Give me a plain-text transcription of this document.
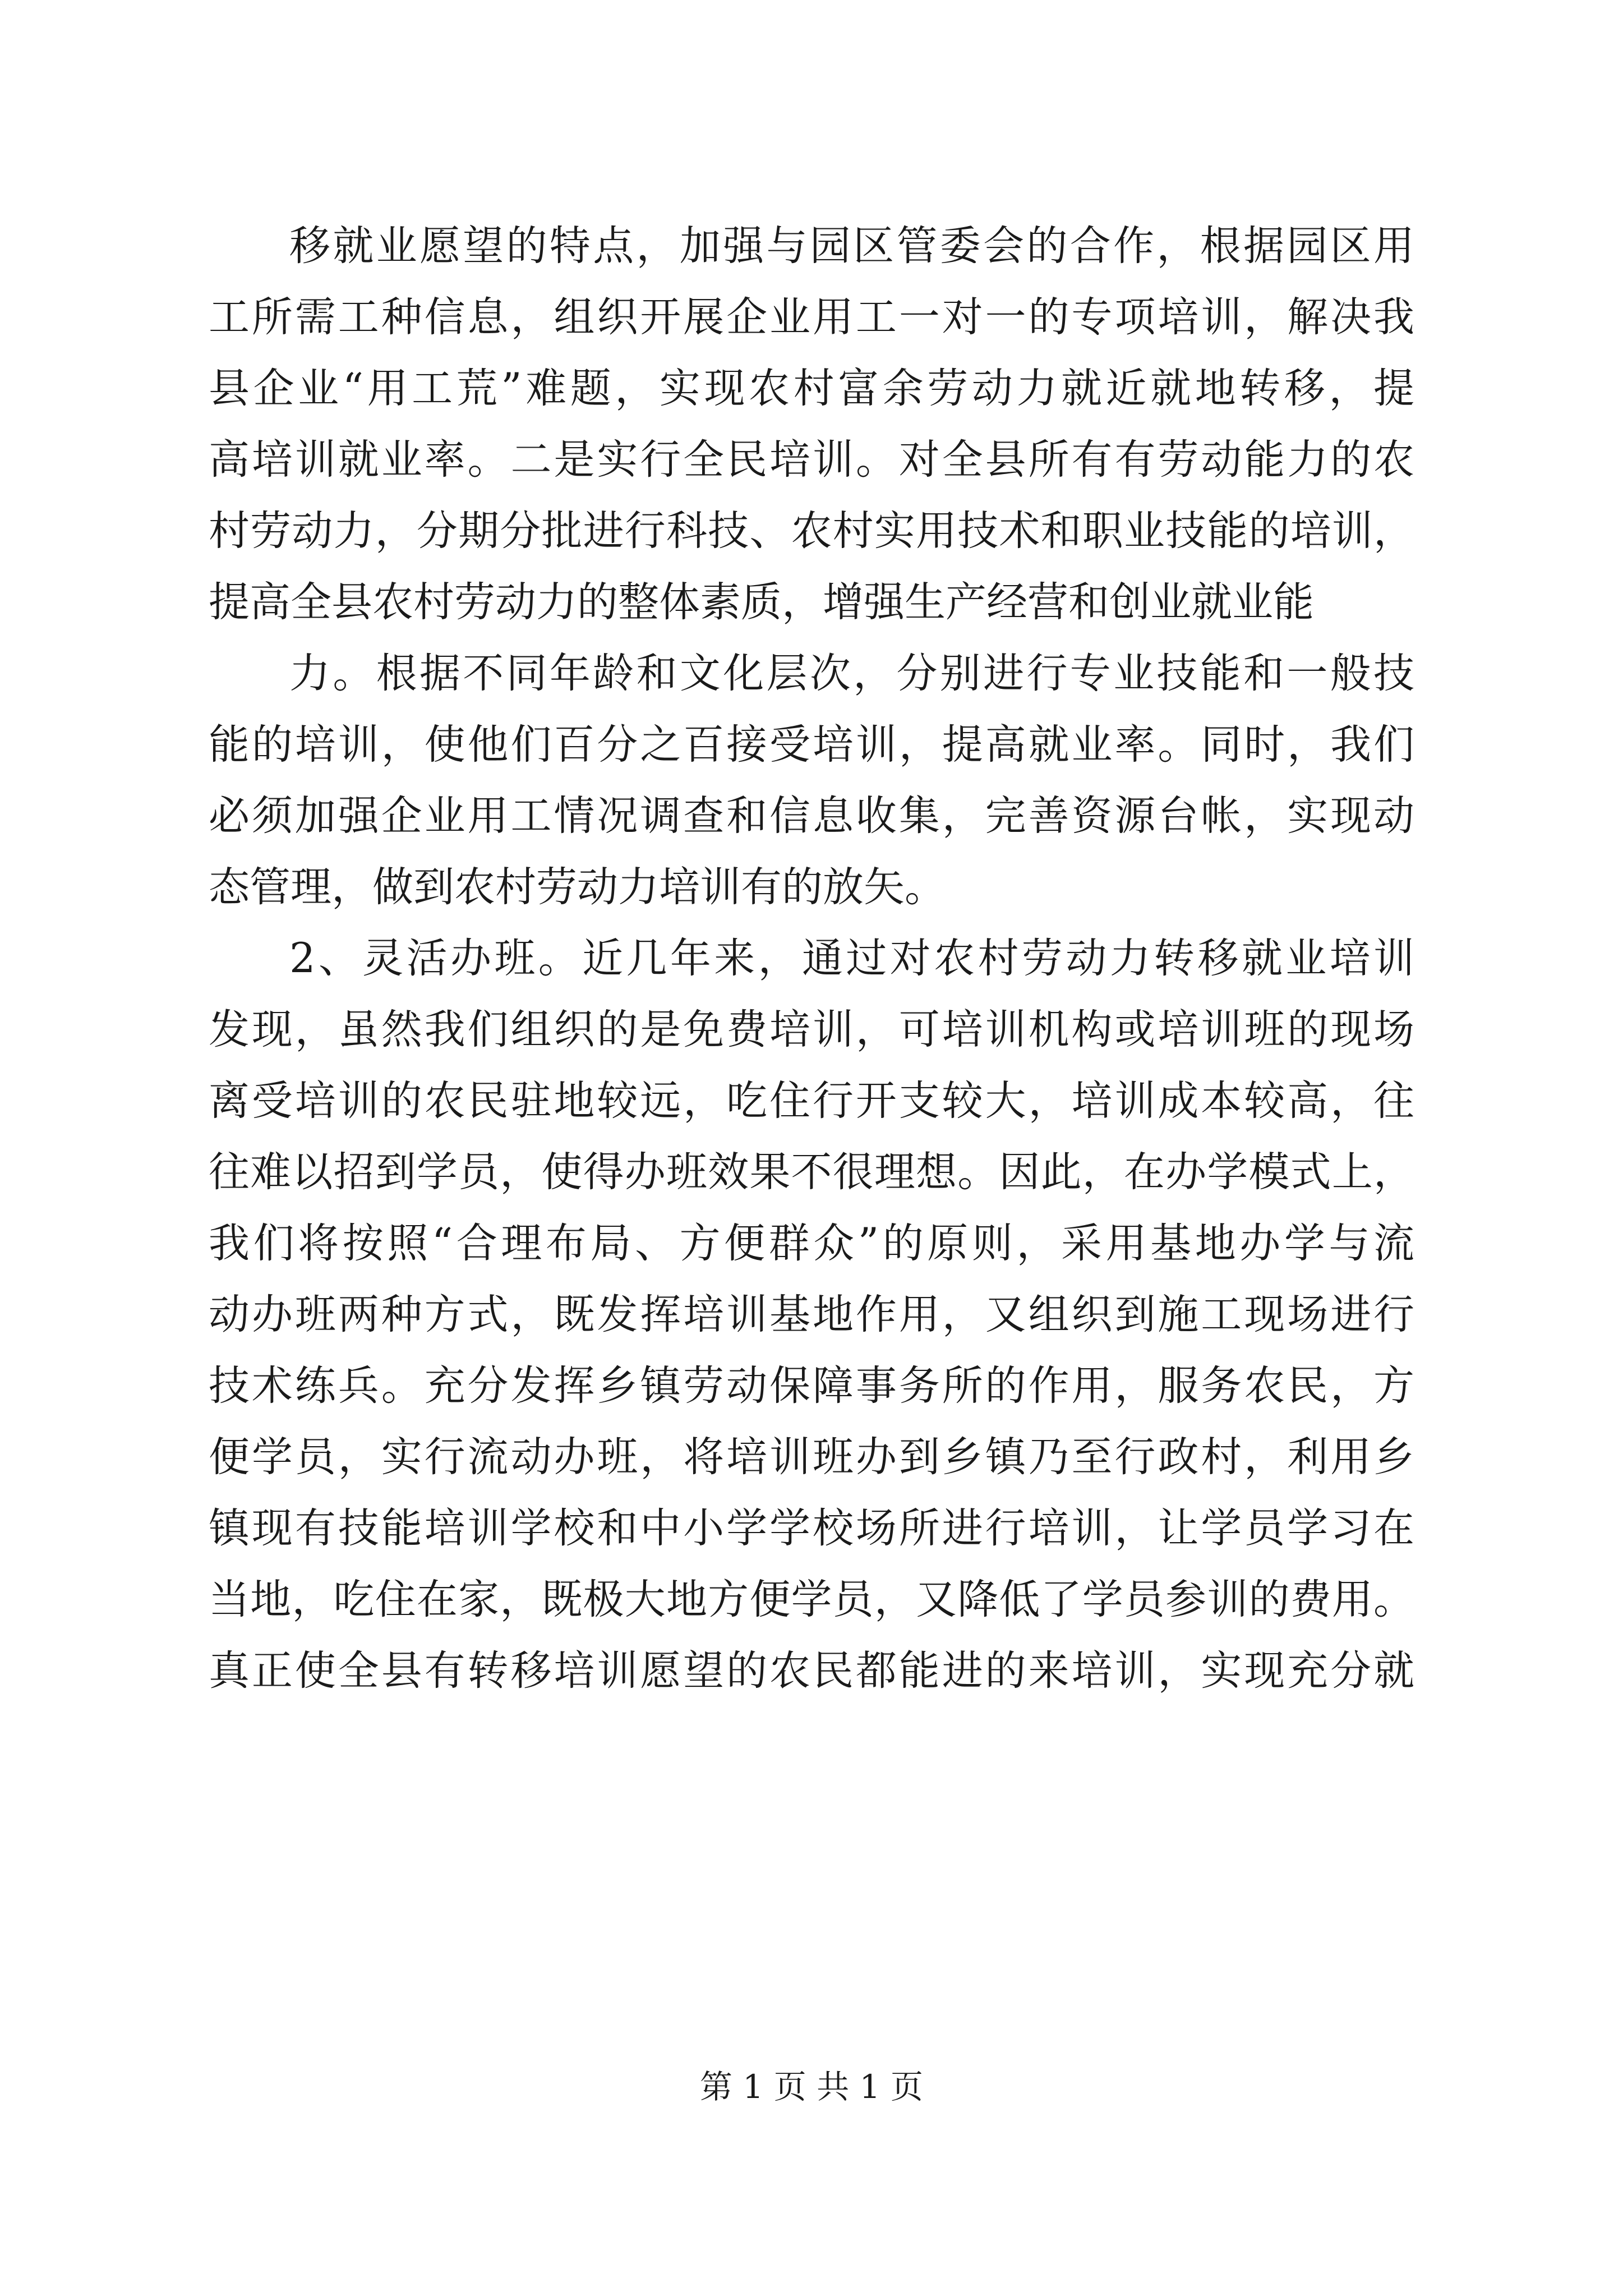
移就业愿望的特点，加强与园区管委会的合作，根据园区用
工所需工种信息，组织开展企业用工一对一的专项培训，解决我
县企业“用工荒”难题，实现农村富余劳动力就近就地转移，提
高培训就业率。二是实行全民培训。对全县所有有劳动能力的农
村劳动力，分期分批进行科技、农村实用技术和职业技能的培训，
提高全县农村劳动力的整体素质，增强生产经营和创业就业能
力。根据不同年龄和文化层次，分别进行专业技能和一般技
能的培训，使他们百分之百接受培训，提高就业率。同时，我们
必须加强企业用工情况调查和信息收集，完善资源台帐，实现动
态管理，做到农村劳动力培训有的放矢。
2、灵活办班。近几年来，通过对农村劳动力转移就业培训
发现，虽然我们组织的是免费培训，可培训机构或培训班的现场
离受培训的农民驻地较远，吃住行开支较大，培训成本较高，往
往难以招到学员，使得办班效果不很理想。因此，在办学模式上，
我们将按照“合理布局、方便群众”的原则，采用基地办学与流
动办班两种方式，既发挥培训基地作用，又组织到施工现场进行
技术练兵。充分发挥乡镇劳动保障事务所的作用，服务农民，方
便学员，实行流动办班，将培训班办到乡镇乃至行政村，利用乡
镇现有技能培训学校和中小学学校场所进行培训，让学员学习在
当地，吃住在家，既极大地方便学员，又降低了学员参训的费用。
真正使全县有转移培训愿望的农民都能进的来培训，实现充分就
第 1 页 共 1 页
